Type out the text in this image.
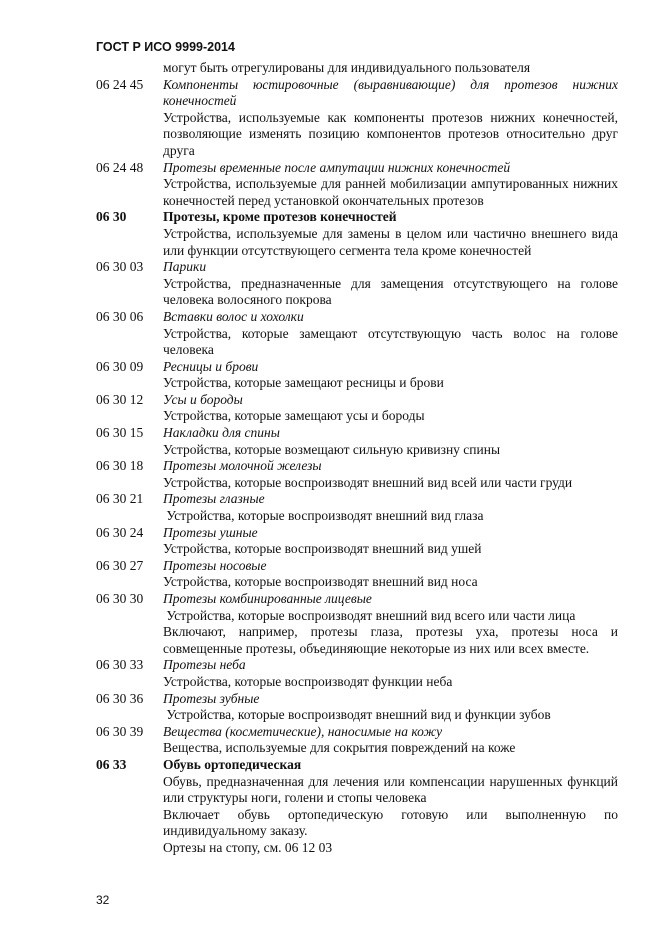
ГОСТ Р ИСО 9999-2014

могут быть отрегулированы для индивидуального пользователя

06 24 45	Компоненты юстировочные (выравнивающие) для протезов нижних конечностей

Устройства, используемые как компоненты протезов нижних конечностей, позволяющие изменять позицию компонентов протезов относительно друг друга

06 24 48	Протезы временные после ампутации нижних конечностей

Устройства, используемые для ранней мобилизации ампутированных нижних конечностей перед установкой окончательных протезов

06 30	Протезы, кроме протезов конечностей

Устройства, используемые для замены в целом или частично внешнего вида или функции отсутствующего сегмента тела кроме конечностей

06 30 03	Парики

Устройства, предназначенные для замещения отсутствующего на голове человека волосяного покрова

06 30 06	Вставки волос и хохолки

Устройства, которые замещают отсутствующую часть волос на голове человека

06 30 09	Ресницы и брови

Устройства, которые замещают ресницы и брови

06 30 12	Усы и бороды

Устройства, которые замещают усы и бороды

06 30 15	Накладки для спины

Устройства, которые возмещают сильную кривизну спины

06 30 18	Протезы молочной железы

Устройства, которые воспроизводят внешний вид всей или части груди

06 30 21	Протезы глазные

Устройства, которые воспроизводят внешний вид глаза

06 30 24	Протезы ушные

Устройства, которые воспроизводят внешний вид ушей

06 30 27	Протезы носовые

Устройства, которые воспроизводят внешний вид носа

06 30 30	Протезы комбинированные лицевые

Устройства, которые воспроизводят внешний вид всего или части лица

Включают, например, протезы глаза, протезы уха, протезы носа и совмещенные протезы, объединяющие некоторые из них или всех вместе.

06 30 33	Протезы неба

Устройства, которые воспроизводят функции неба

06 30 36	Протезы зубные

Устройства, которые воспроизводят внешний вид и функции зубов

06 30 39	Вещества (косметические), наносимые на кожу

Вещества, используемые для сокрытия повреждений на коже

06 33	Обувь ортопедическая

Обувь, предназначенная для лечения или компенсации нарушенных функций или структуры ноги, голени и стопы человека

Включает обувь ортопедическую готовую или выполненную по индивидуальному заказу.

Ортезы на стопу, см. 06 12 03

32
